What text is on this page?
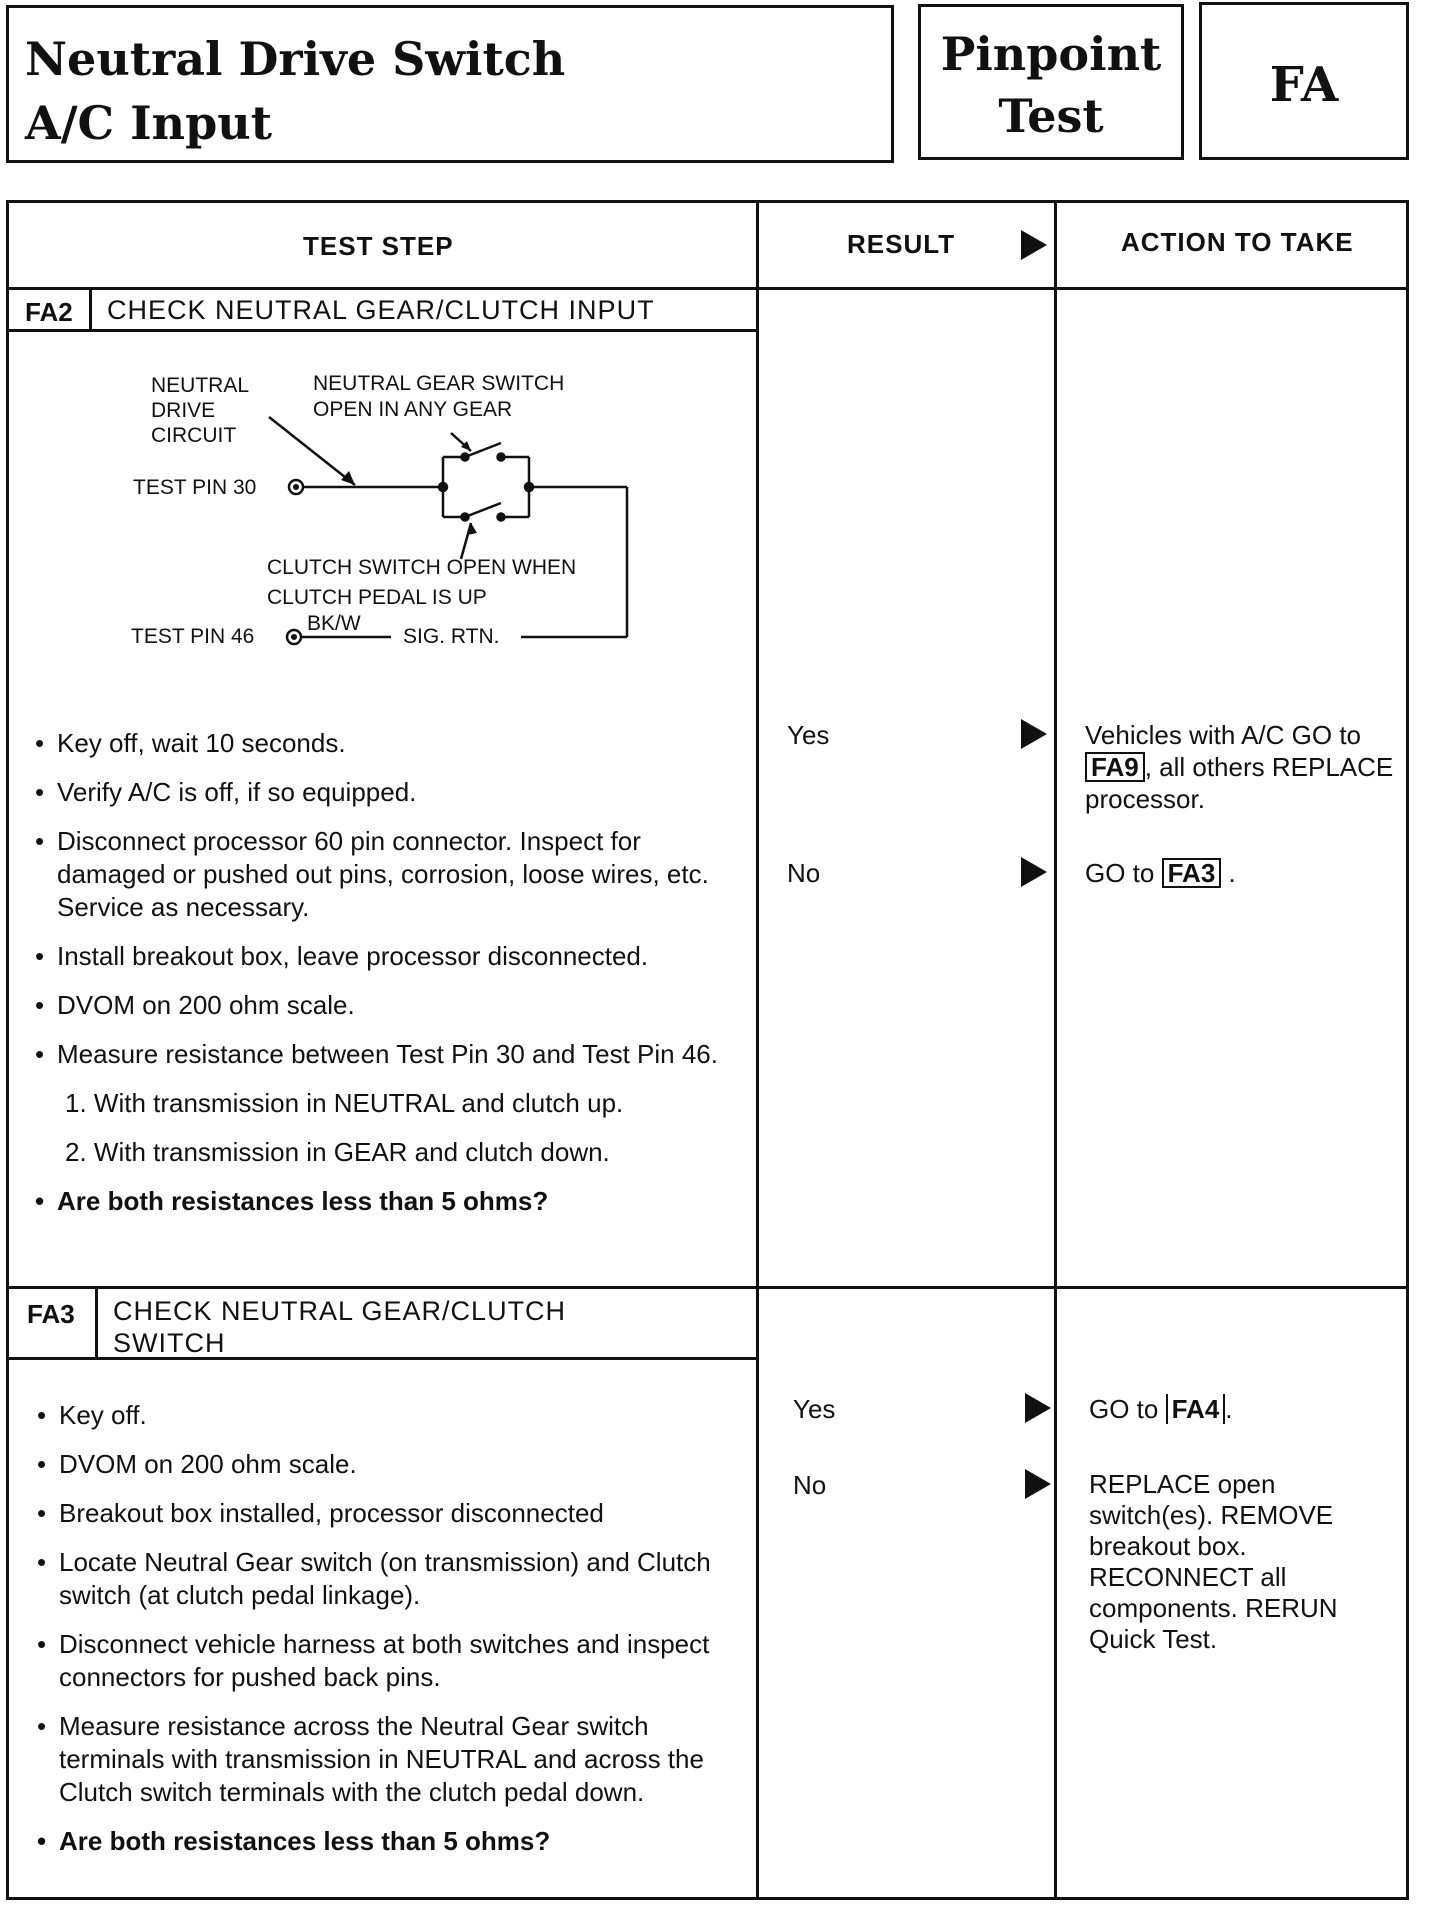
Neutral Drive Switch
A/C Input
Pinpoint
Test
FA
TEST STEP	RESULT	ACTION TO TAKE
FA2 CHECK NEUTRAL GEAR/CLUTCH INPUT
NEUTRAL
DRIVE
CIRCUIT
NEUTRAL GEAR SWITCH
OPEN IN ANY GEAR
TEST PIN 30
CLUTCH SWITCH OPEN WHEN
CLUTCH PEDAL IS UP
TEST PIN 46
BK/W
SIG. RTN.
• Key off, wait 10 seconds.
• Verify A/C is off, if so equipped.
• Disconnect processor 60 pin connector. Inspect for damaged or pushed out pins, corrosion, loose wires, etc. Service as necessary.
• Install breakout box, leave processor disconnected.
• DVOM on 200 ohm scale.
• Measure resistance between Test Pin 30 and Test Pin 46.
1. With transmission in NEUTRAL and clutch up.
2. With transmission in GEAR and clutch down.
• Are both resistances less than 5 ohms?
Yes	Vehicles with A/C GO to FA9 , all others REPLACE processor.
No	GO to FA3 .
FA3 CHECK NEUTRAL GEAR/CLUTCH SWITCH
• Key off.
• DVOM on 200 ohm scale.
• Breakout box installed, processor disconnected
• Locate Neutral Gear switch (on transmission) and Clutch switch (at clutch pedal linkage).
• Disconnect vehicle harness at both switches and inspect connectors for pushed back pins.
• Measure resistance across the Neutral Gear switch terminals with transmission in NEUTRAL and across the Clutch switch terminals with the clutch pedal down.
• Are both resistances less than 5 ohms?
Yes	GO to FA4 .
No	REPLACE open switch(es). REMOVE breakout box. RECONNECT all components. RERUN Quick Test.
